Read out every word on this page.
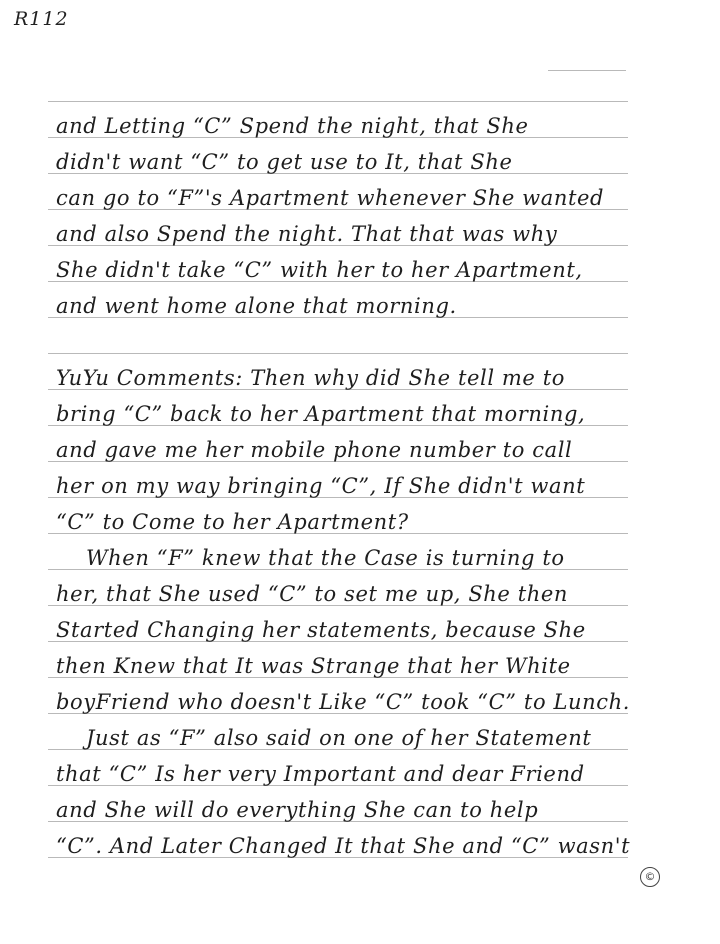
R112
and Letting “C” Spend the night, that She
didn't want “C” to get use to It, that She
can go to “F”'s Apartment whenever She wanted
and also Spend the night. That that was why
She didn't take “C” with her to her Apartment,
and went home alone that morning.
YuYu Comments: Then why did She tell me to
bring “C” back to her Apartment that morning,
and gave me her mobile phone number to call
her on my way bringing “C”, If She didn't want
“C” to Come to her Apartment?
When “F” knew that the Case is turning to
her, that She used “C” to set me up, She then
Started Changing her statements, because She
then Knew that It was Strange that her White
boyFriend who doesn't Like “C” took “C” to Lunch.
Just as “F” also said on one of her Statement
that “C” Is her very Important and dear Friend
and She will do everything She can to help
“C”. And Later Changed It that She and “C” wasn't
©
